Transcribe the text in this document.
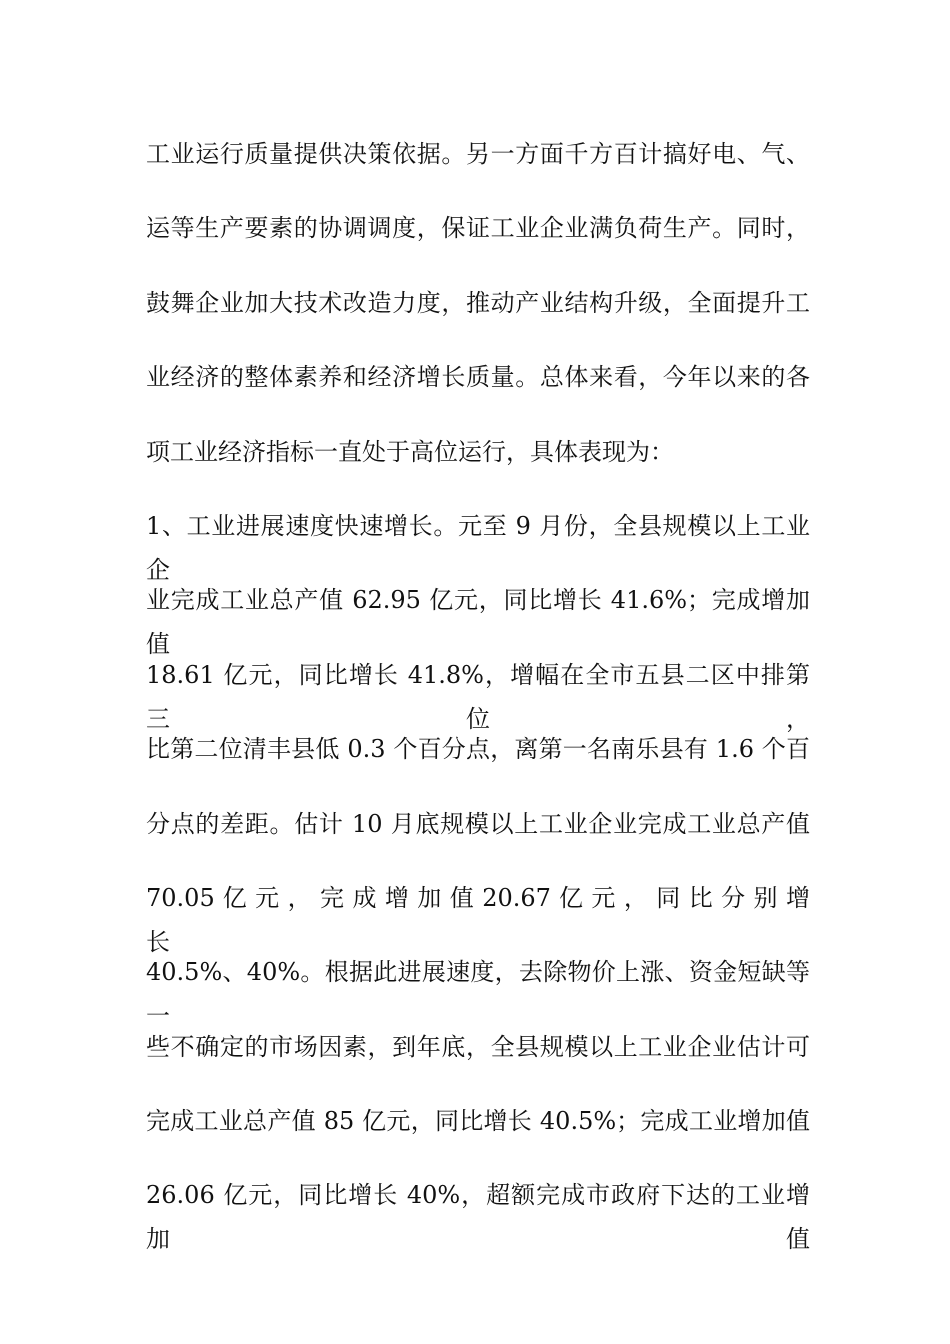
工业运行质量提供决策依据。另一方面千方百计搞好电、气、
运等生产要素的协调调度，保证工业企业满负荷生产。同时，
鼓舞企业加大技术改造力度，推动产业结构升级，全面提升工
业经济的整体素养和经济增长质量。总体来看，今年以来的各
项工业经济指标一直处于高位运行，具体表现为：
1、工业进展速度快速增长。元至 9 月份，全县规模以上工业企
业完成工业总产值 62.95 亿元，同比增长 41.6%；完成增加值
18.61 亿元，同比增长 41.8%，增幅在全市五县二区中排第三位，
比第二位清丰县低 0.3 个百分点，离第一名南乐县有 1.6 个百
分点的差距。估计 10 月底规模以上工业企业完成工业总产值
70.05 亿 元 ， 完 成 增 加 值 20.67 亿 元 ， 同 比 分 别 增 长
40.5%、40%。根据此进展速度，去除物价上涨、资金短缺等一
些不确定的市场因素，到年底，全县规模以上工业企业估计可
完成工业总产值 85 亿元，同比增长 40.5%；完成工业增加值
26.06 亿元，同比增长 40%，超额完成市政府下达的工业增加值
